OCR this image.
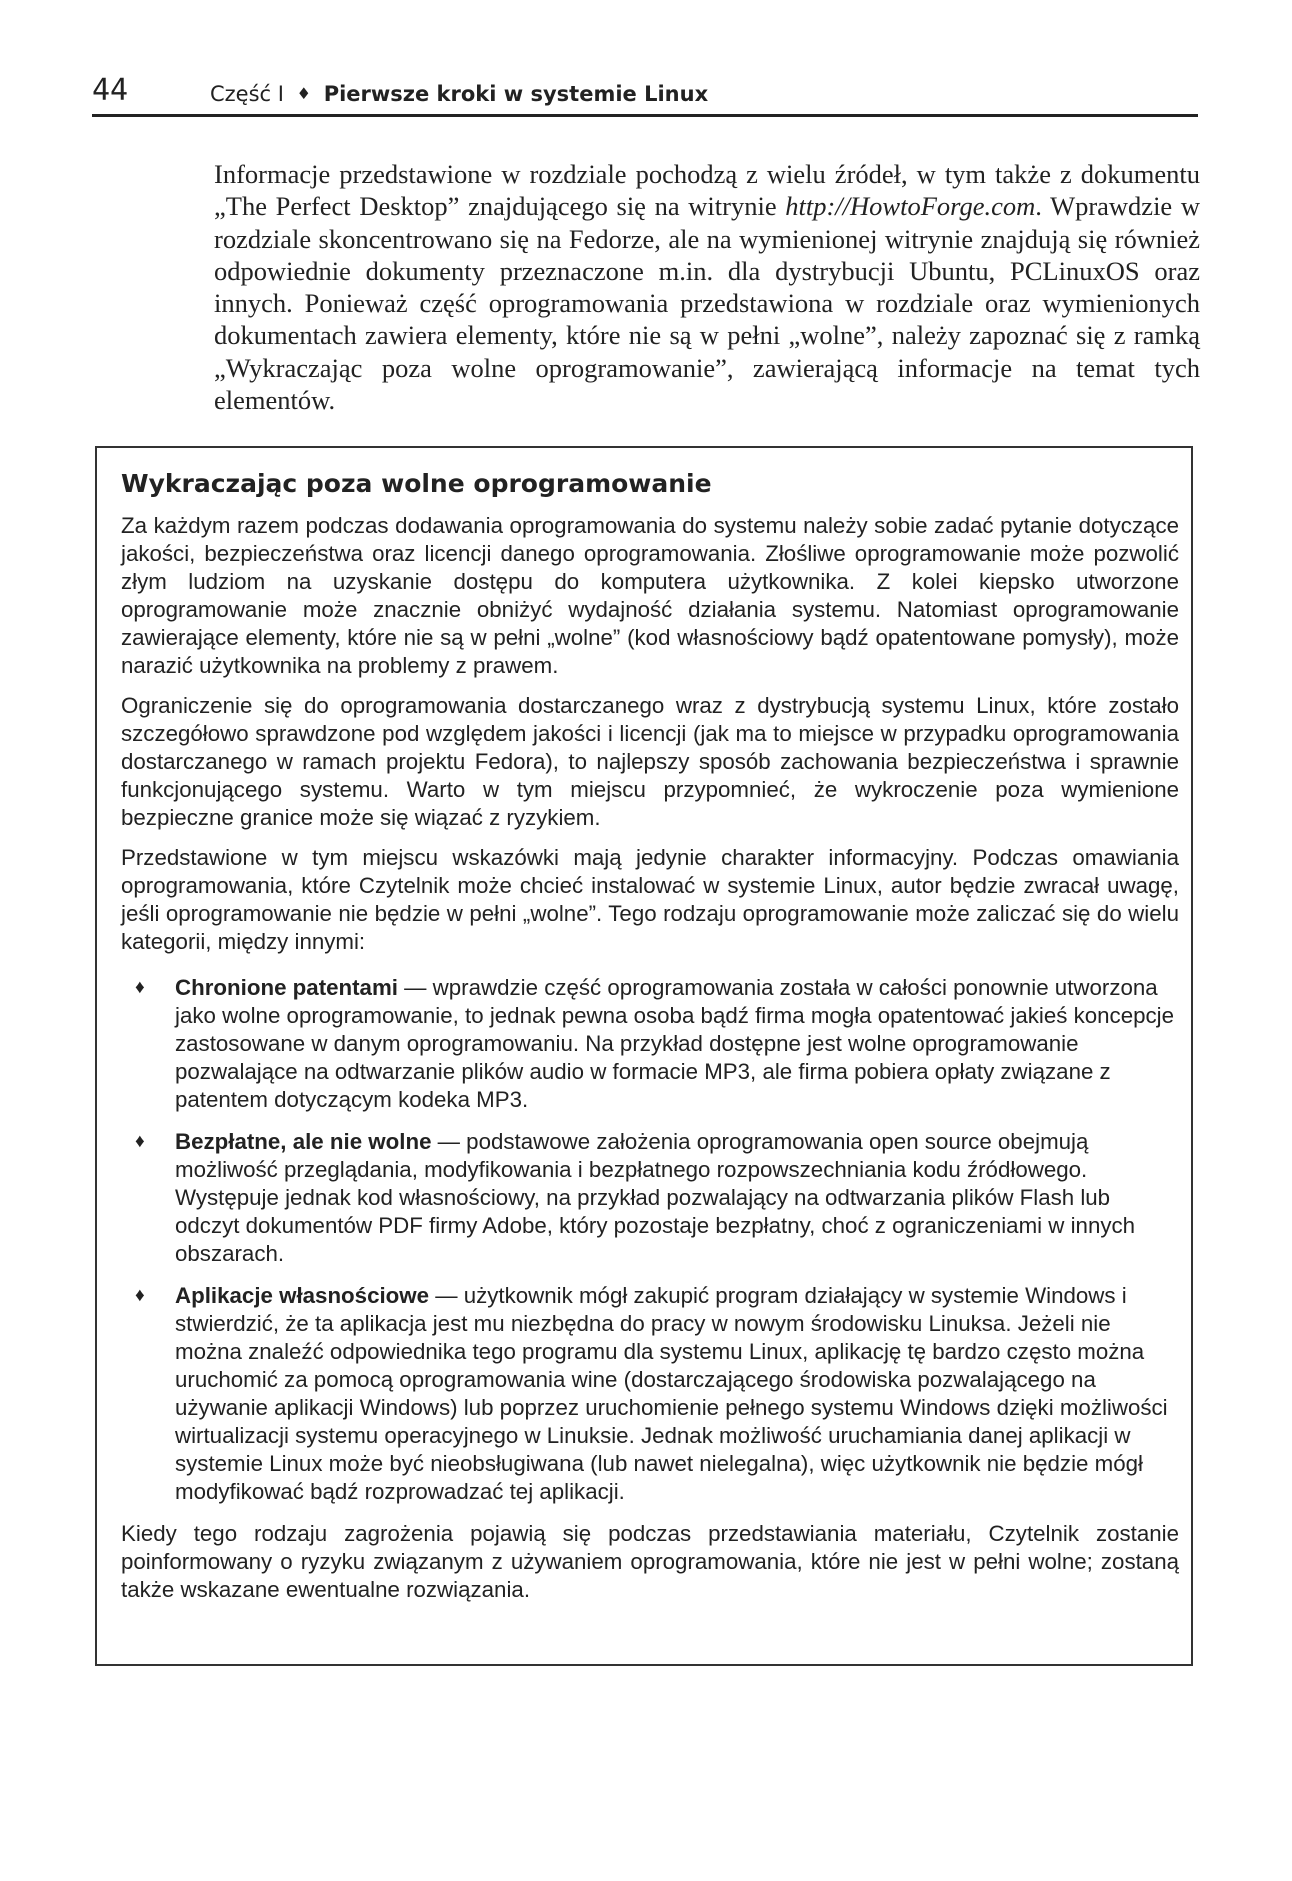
44	Część I ♦ Pierwsze kroki w systemie Linux

Informacje przedstawione w rozdziale pochodzą z wielu źródeł, w tym także z dokumentu „The Perfect Desktop” znajdującego się na witrynie http://HowtoForge.com. Wprawdzie w rozdziale skoncentrowano się na Fedorze, ale na wymienionej witrynie znajdują się również odpowiednie dokumenty przeznaczone m.in. dla dystrybucji Ubuntu, PCLinuxOS oraz innych. Ponieważ część oprogramowania przedstawiona w rozdziale oraz wymienionych dokumentach zawiera elementy, które nie są w pełni „wolne”, należy zapoznać się z ramką „Wykraczając poza wolne oprogramowanie”, zawierającą informacje na temat tych elementów.

Wykraczając poza wolne oprogramowanie

Za każdym razem podczas dodawania oprogramowania do systemu należy sobie zadać pytanie dotyczące jakości, bezpieczeństwa oraz licencji danego oprogramowania. Złośliwe oprogramowanie może pozwolić złym ludziom na uzyskanie dostępu do komputera użytkownika. Z kolei kiepsko utworzone oprogramowanie może znacznie obniżyć wydajność działania systemu. Natomiast oprogramowanie zawierające elementy, które nie są w pełni „wolne” (kod własnościowy bądź opatentowane pomysły), może narazić użytkownika na problemy z prawem.

Ograniczenie się do oprogramowania dostarczanego wraz z dystrybucją systemu Linux, które zostało szczegółowo sprawdzone pod względem jakości i licencji (jak ma to miejsce w przypadku oprogramowania dostarczanego w ramach projektu Fedora), to najlepszy sposób zachowania bezpieczeństwa i sprawnie funkcjonującego systemu. Warto w tym miejscu przypomnieć, że wykroczenie poza wymienione bezpieczne granice może się wiązać z ryzykiem.

Przedstawione w tym miejscu wskazówki mają jedynie charakter informacyjny. Podczas omawiania oprogramowania, które Czytelnik może chcieć instalować w systemie Linux, autor będzie zwracał uwagę, jeśli oprogramowanie nie będzie w pełni „wolne”. Tego rodzaju oprogramowanie może zaliczać się do wielu kategorii, między innymi:

♦ Chronione patentami — wprawdzie część oprogramowania została w całości ponownie utworzona jako wolne oprogramowanie, to jednak pewna osoba bądź firma mogła opatentować jakieś koncepcje zastosowane w danym oprogramowaniu. Na przykład dostępne jest wolne oprogramowanie pozwalające na odtwarzanie plików audio w formacie MP3, ale firma pobiera opłaty związane z patentem dotyczącym kodeka MP3.
♦ Bezpłatne, ale nie wolne — podstawowe założenia oprogramowania open source obejmują możliwość przeglądania, modyfikowania i bezpłatnego rozpowszechniania kodu źródłowego. Występuje jednak kod własnościowy, na przykład pozwalający na odtwarzania plików Flash lub odczyt dokumentów PDF firmy Adobe, który pozostaje bezpłatny, choć z ograniczeniami w innych obszarach.
♦ Aplikacje własnościowe — użytkownik mógł zakupić program działający w systemie Windows i stwierdzić, że ta aplikacja jest mu niezbędna do pracy w nowym środowisku Linuksa. Jeżeli nie można znaleźć odpowiednika tego programu dla systemu Linux, aplikację tę bardzo często można uruchomić za pomocą oprogramowania wine (dostarczającego środowiska pozwalającego na używanie aplikacji Windows) lub poprzez uruchomienie pełnego systemu Windows dzięki możliwości wirtualizacji systemu operacyjnego w Linuksie. Jednak możliwość uruchamiania danej aplikacji w systemie Linux może być nieobsługiwana (lub nawet nielegalna), więc użytkownik nie będzie mógł modyfikować bądź rozprowadzać tej aplikacji.

Kiedy tego rodzaju zagrożenia pojawią się podczas przedstawiania materiału, Czytelnik zostanie poinformowany o ryzyku związanym z używaniem oprogramowania, które nie jest w pełni wolne; zostaną także wskazane ewentualne rozwiązania.
